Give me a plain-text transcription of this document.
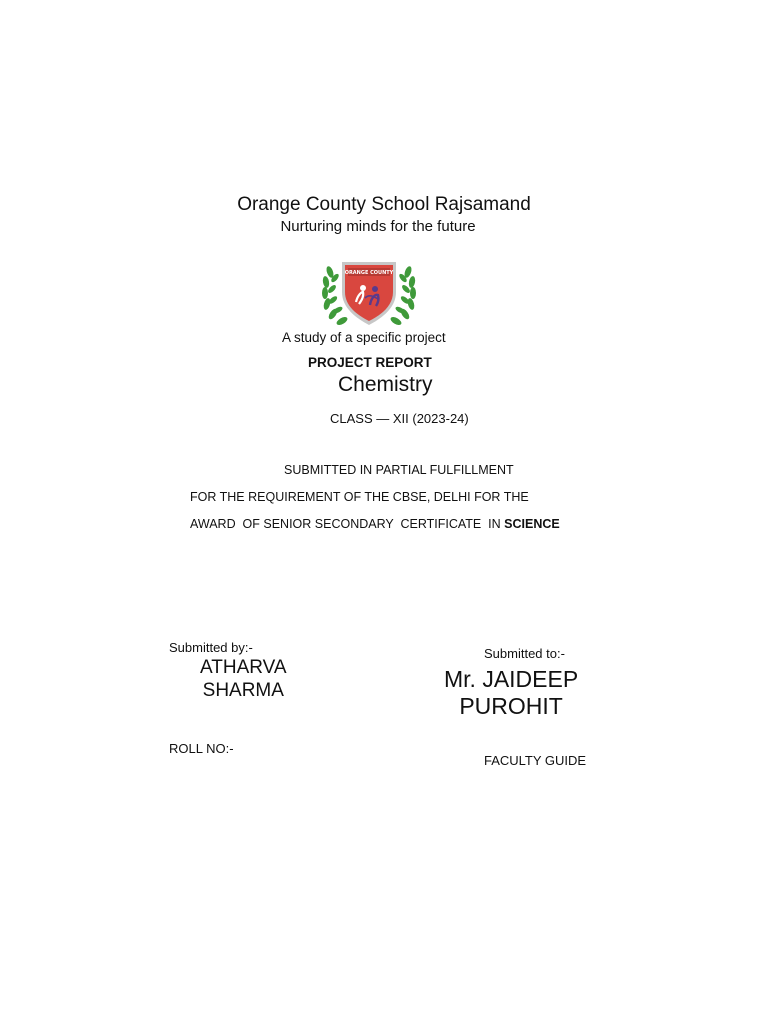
Orange County School Rajsamand
Nurturing minds for the future
ORANGE COUNTY
A study of a specific project
PROJECT REPORT
Chemistry
CLASS — XII (2023-24)
SUBMITTED IN PARTIAL FULFILLMENT
FOR THE REQUIREMENT OF THE CBSE, DELHI FOR THE
AWARD  OF SENIOR SECONDARY  CERTIFICATE  IN SCIENCE
Submitted by:-
ATHARVA
SHARMA
ROLL NO:-
Submitted to:-
Mr. JAIDEEP
PUROHIT
FACULTY GUIDE
